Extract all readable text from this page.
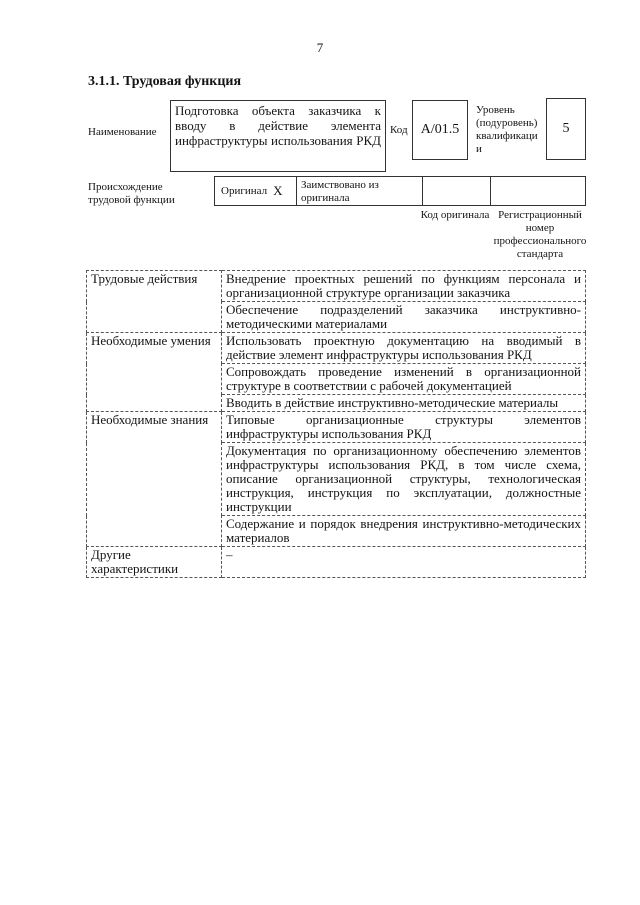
7
3.1.1. Трудовая функция
Наименование
Подготовка объекта заказчика к вводу в действие элемента инфраструктуры использования РКД
Код А/01.5
Уровень (подуровень) квалификаци и
5
Происхождение трудовой функции
Оригинал X	Заимствовано из оригинала
Код оригинала Регистрационный номер профессионального стандарта
Трудовые действия	Внедрение проектных решений по функциям персонала и организационной структуре организации заказчика
	Обеспечение подразделений заказчика инструктивно-методическими материалами
Необходимые умения	Использовать проектную документацию на вводимый в действие элемент инфраструктуры использования РКД
	Сопровождать проведение изменений в организационной структуре в соответствии с рабочей документацией
	Вводить в действие инструктивно-методические материалы
Необходимые знания	Типовые организационные структуры элементов инфраструктуры использования РКД
	Документация по организационному обеспечению элементов инфраструктуры использования РКД, в том числе схема, описание организационной структуры, технологическая инструкция, инструкция по эксплуатации, должностные инструкции
	Содержание и порядок внедрения инструктивно-методических материалов
Другие характеристики	–
